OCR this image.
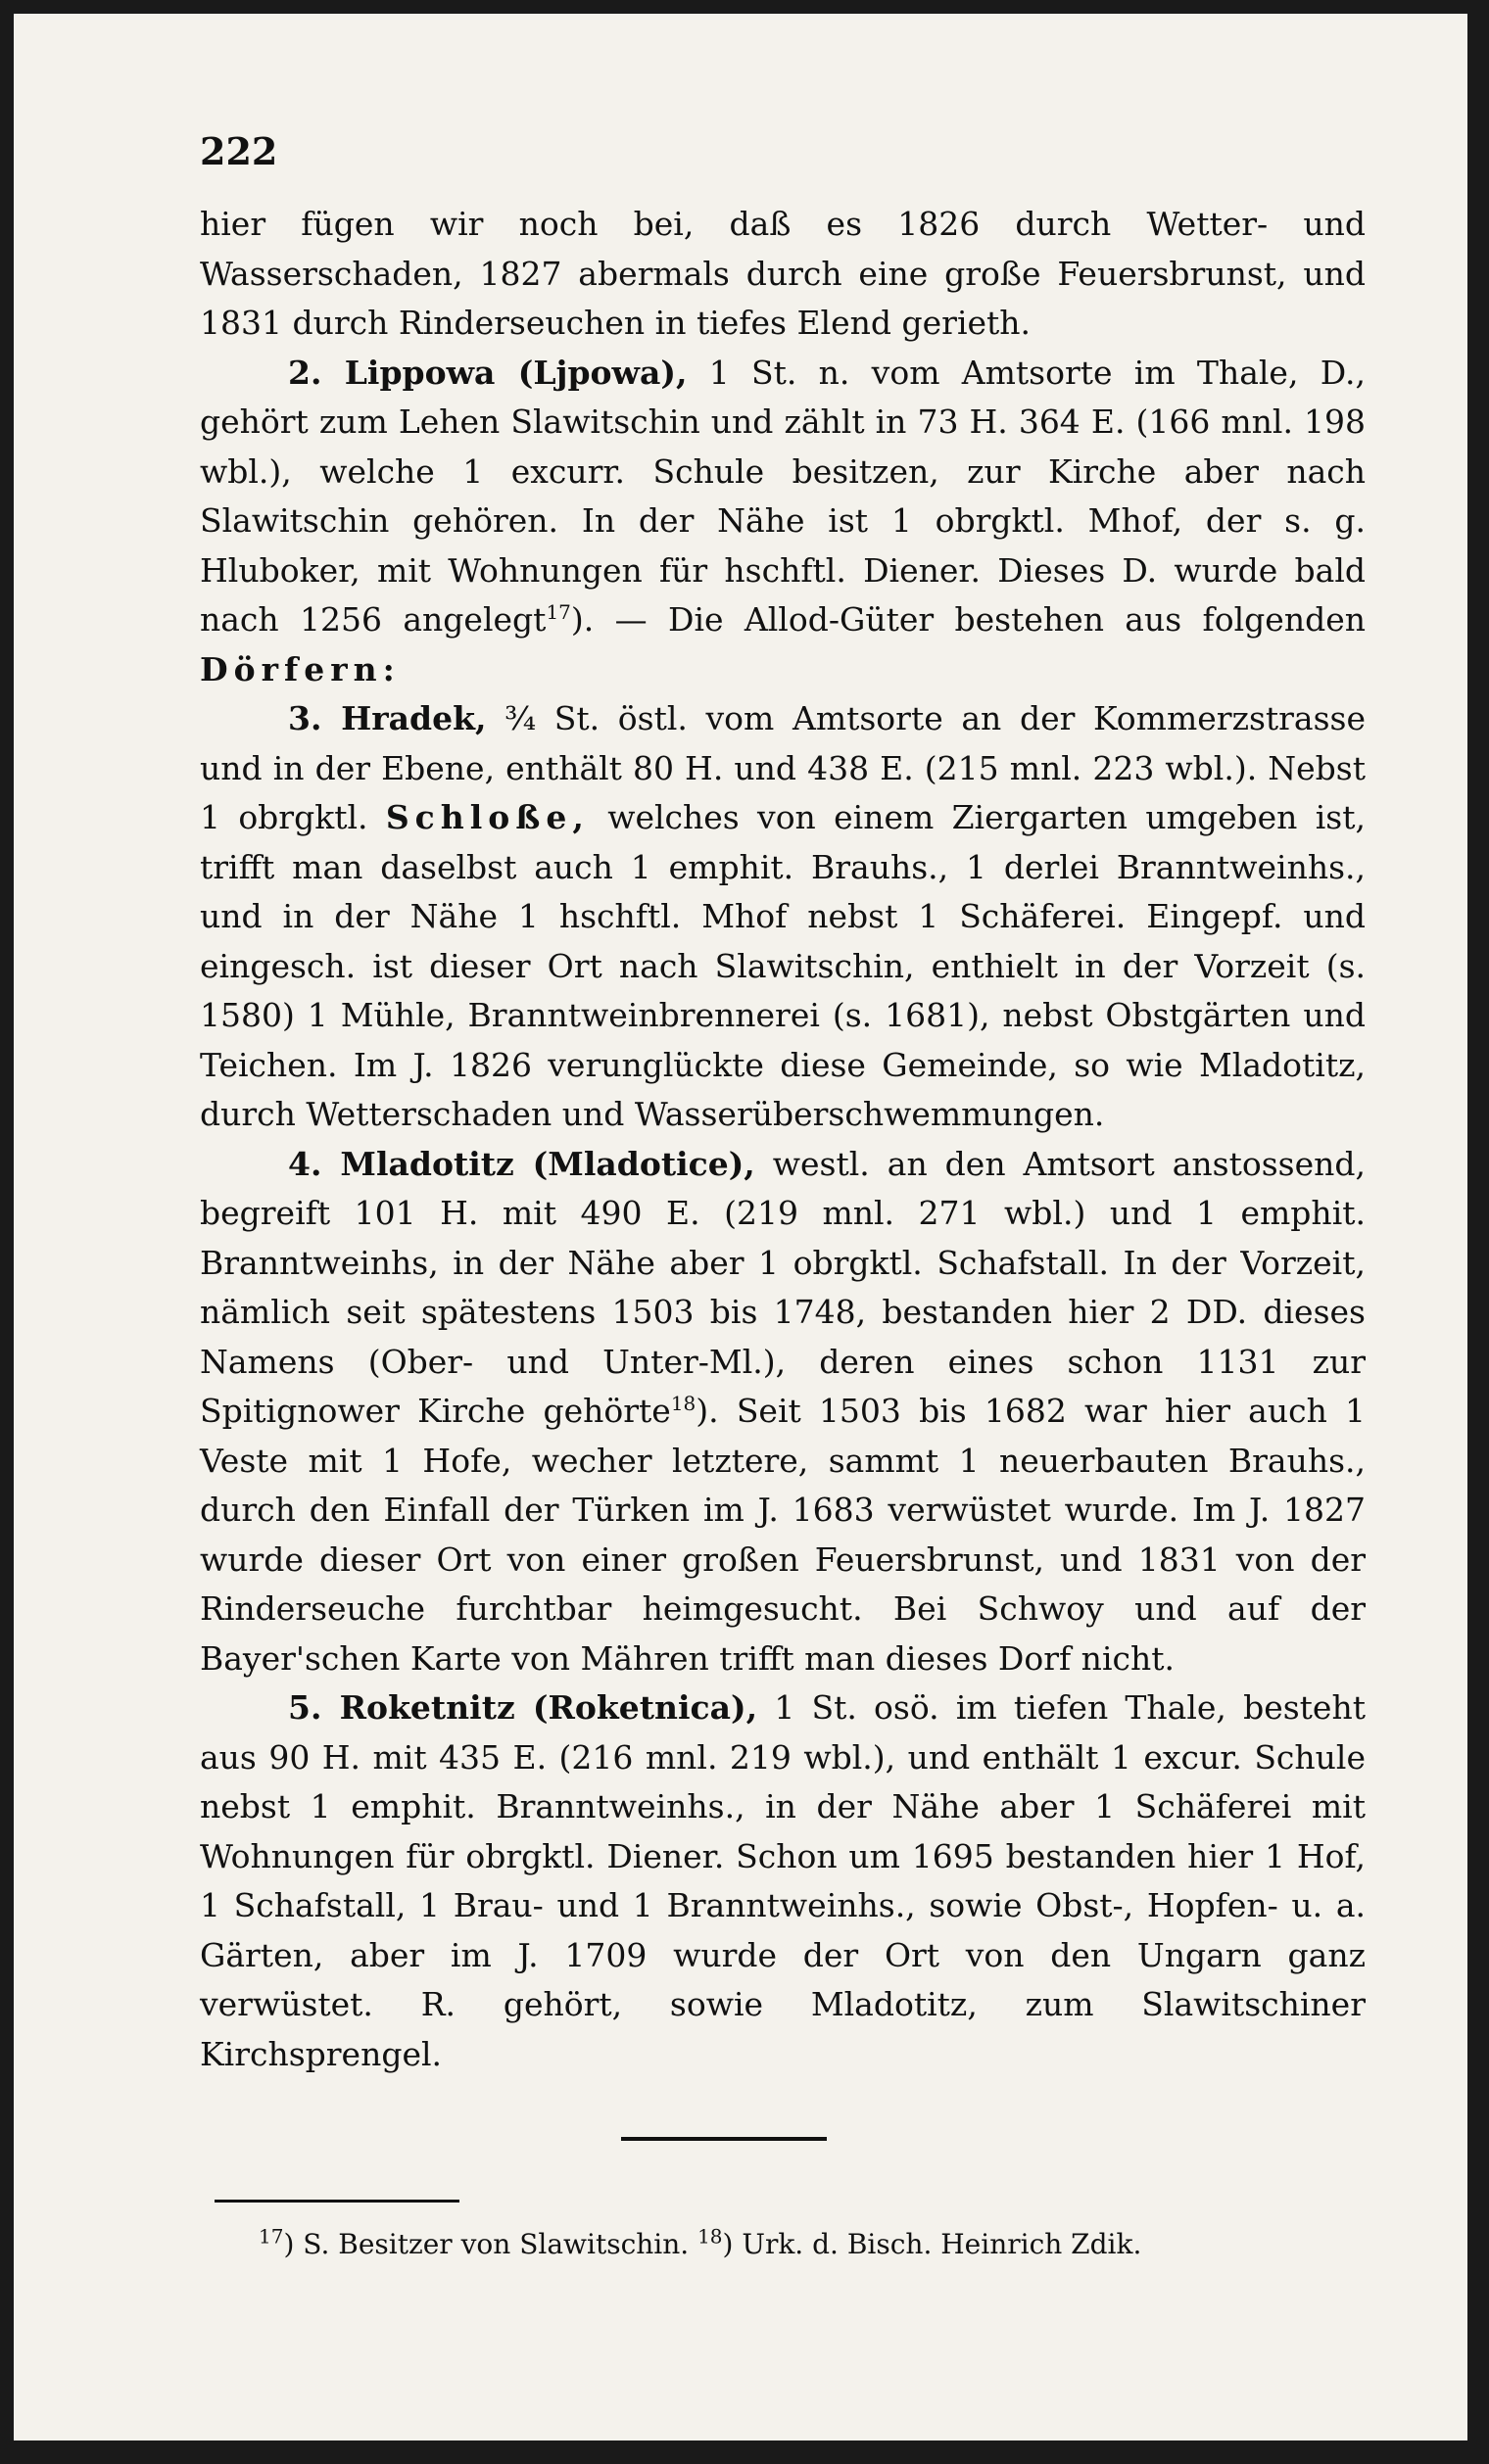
222

hier fügen wir noch bei, daß es 1826 durch Wetter- und Wasserschaden, 1827 abermals durch eine große Feuersbrunst, und 1831 durch Rinderseuchen in tiefes Elend gerieth.

2. Lippowa (Ljpowa), 1 St. n. vom Amtsorte im Thale, D., gehört zum Lehen Slawitschin und zählt in 73 H. 364 E. (166 mnl. 198 wbl.), welche 1 excurr. Schule besitzen, zur Kirche aber nach Slawitschin gehören. In der Nähe ist 1 obrgktl. Mhof, der s. g. Hluboker, mit Wohnungen für hschftl. Diener. Dieses D. wurde bald nach 1256 angelegt$^{17}$). — Die Allod-Güter bestehen aus folgenden Dörfern:

3. Hradek, ¾ St. östl. vom Amtsorte an der Kommerzstrasse und in der Ebene, enthält 80 H. und 438 E. (215 mnl. 223 wbl.). Nebst 1 obrgktl. Schloße, welches von einem Ziergarten umgeben ist, trifft man daselbst auch 1 emphit. Brauhs., 1 derlei Branntweinhs., und in der Nähe 1 hschftl. Mhof nebst 1 Schäferei. Eingepf. und eingesch. ist dieser Ort nach Slawitschin, enthielt in der Vorzeit (s. 1580) 1 Mühle, Branntweinbrennerei (s. 1681), nebst Obstgärten und Teichen. Im J. 1826 verunglückte diese Gemeinde, so wie Mladotitz, durch Wetterschaden und Wasserüberschwemmungen.

4. Mladotitz (Mladotice), westl. an den Amtsort anstossend, begreift 101 H. mit 490 E. (219 mnl. 271 wbl.) und 1 emphit. Branntweinhs, in der Nähe aber 1 obrgktl. Schafstall. In der Vorzeit, nämlich seit spätestens 1503 bis 1748, bestanden hier 2 DD. dieses Namens (Ober- und Unter-Ml.), deren eines schon 1131 zur Spitignower Kirche gehörte$^{18}$). Seit 1503 bis 1682 war hier auch 1 Veste mit 1 Hofe, wecher letztere, sammt 1 neuerbauten Brauhs., durch den Einfall der Türken im J. 1683 verwüstet wurde. Im J. 1827 wurde dieser Ort von einer großen Feuersbrunst, und 1831 von der Rinderseuche furchtbar heimgesucht. Bei Schwoy und auf der Bayer'schen Karte von Mähren trifft man dieses Dorf nicht.

5. Roketnitz (Roketnica), 1 St. osö. im tiefen Thale, besteht aus 90 H. mit 435 E. (216 mnl. 219 wbl.), und enthält 1 excur. Schule nebst 1 emphit. Branntweinhs., in der Nähe aber 1 Schäferei mit Wohnungen für obrgktl. Diener. Schon um 1695 bestanden hier 1 Hof, 1 Schafstall, 1 Brau- und 1 Branntweinhs., sowie Obst-, Hopfen- u. a. Gärten, aber im J. 1709 wurde der Ort von den Ungarn ganz verwüstet. R. gehört, sowie Mladotitz, zum Slawitschiner Kirchsprengel.

$^{17}$) S. Besitzer von Slawitschin. $^{18}$) Urk. d. Bisch. Heinrich Zdik.
